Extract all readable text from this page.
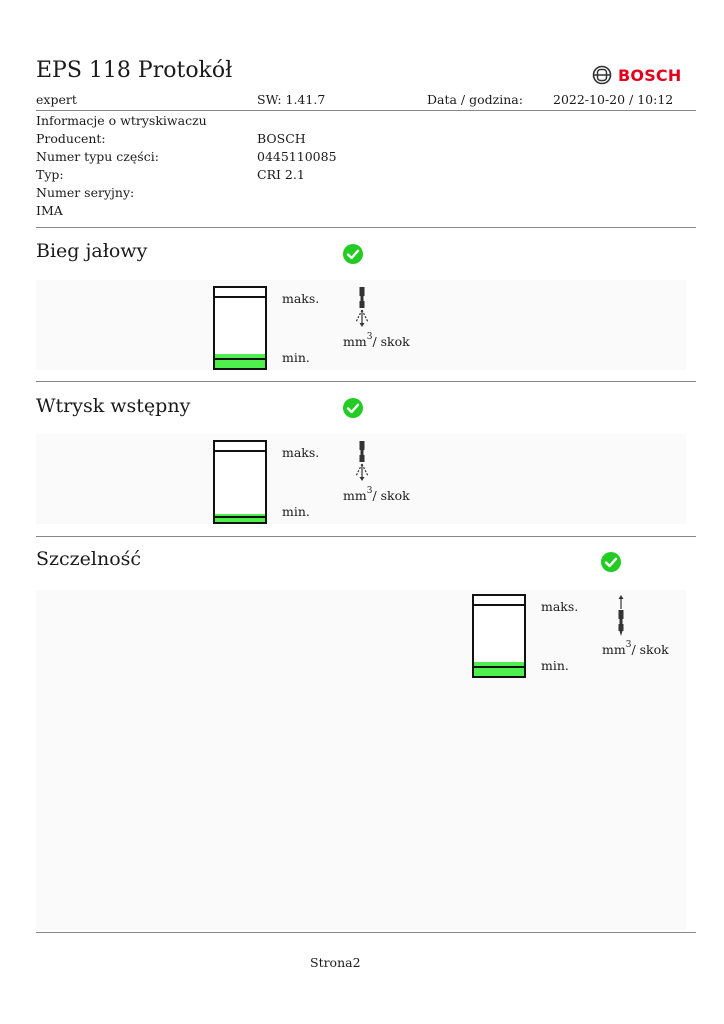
EPS 118 Protokół	BOSCH
expert	SW: 1.41.7	Data / godzina: 2022-10-20 / 10:12
Informacje o wtryskiwaczu
Producent:	BOSCH
Numer typu części:	0445110085
Typ:	CRI 2.1
Numer seryjny:
IMA
Bieg jałowy
maks.
min.
$mm^3/$ skok
Wtrysk wstępny
maks.
min.
$mm^3/$ skok
Szczelność
maks.
min.
$mm^3/$ skok
Strona2
